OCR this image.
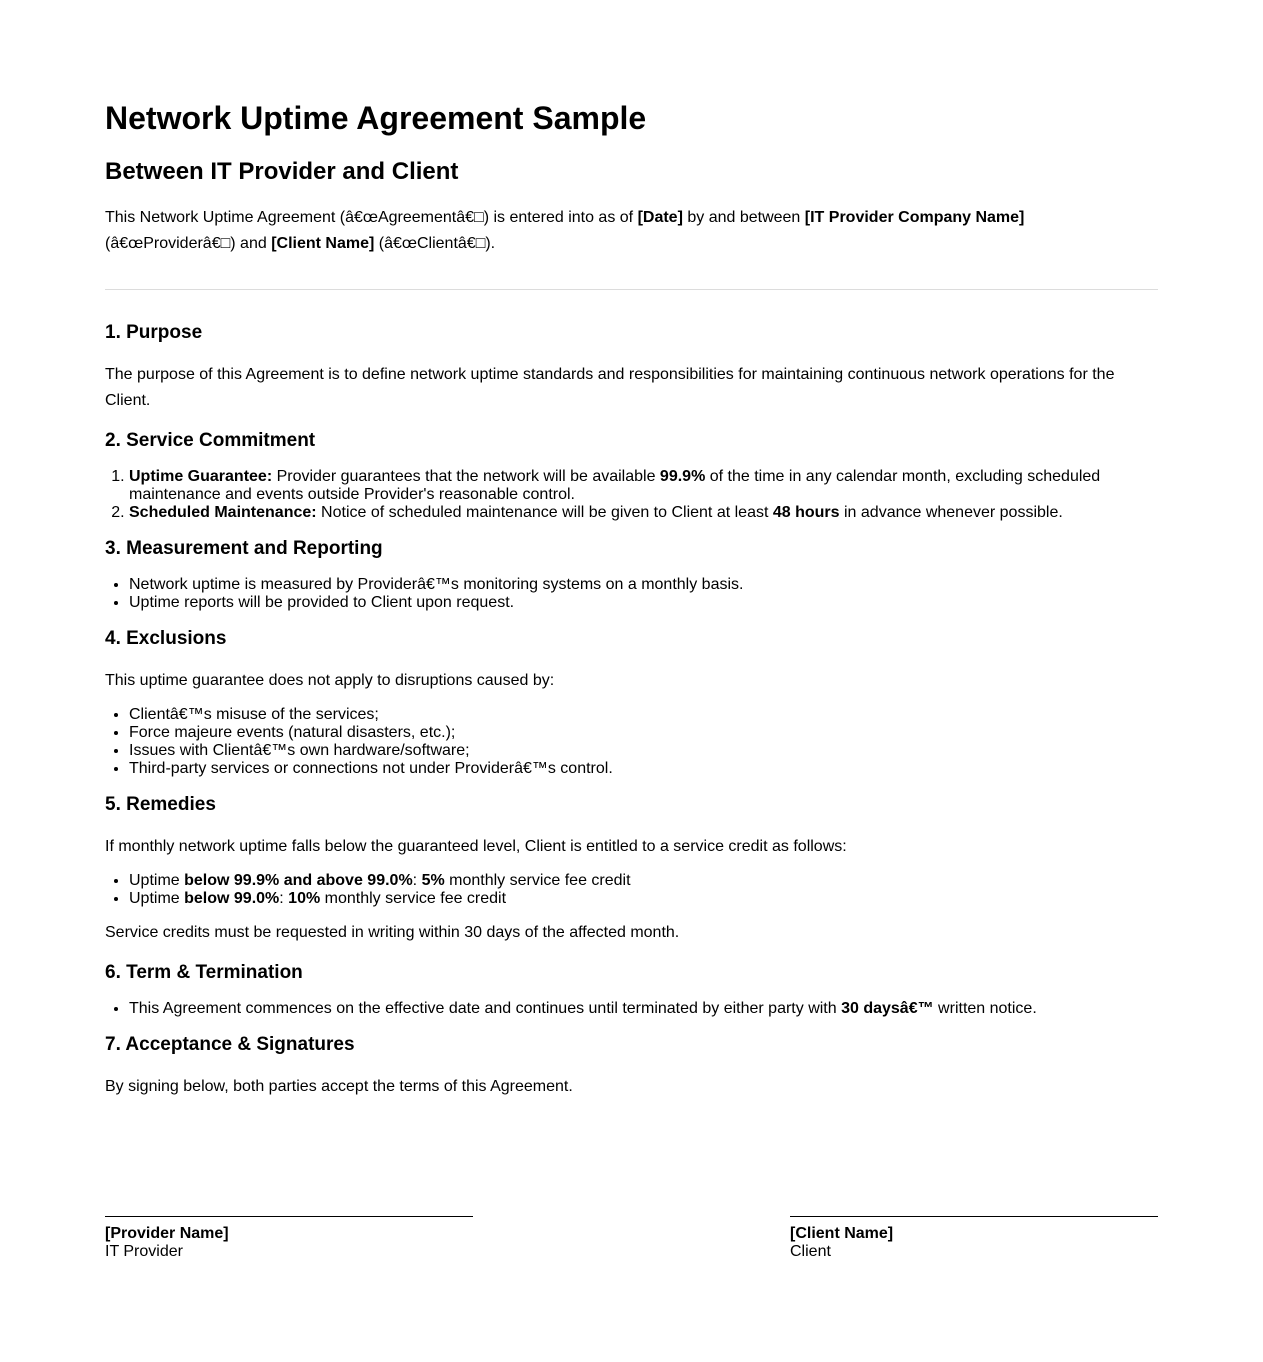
Network Uptime Agreement Sample
Between IT Provider and Client

This Network Uptime Agreement (â€œAgreementâ€□) is entered into as of [Date] by and between [IT Provider Company Name]
(â€œProviderâ€□) and [Client Name] (â€œClientâ€□).

1. Purpose

The purpose of this Agreement is to define network uptime standards and responsibilities for maintaining continuous network operations for the Client.

2. Service Commitment
1. Uptime Guarantee: Provider guarantees that the network will be available 99.9% of the time in any calendar month, excluding scheduled maintenance and events outside Provider's reasonable control.
2. Scheduled Maintenance: Notice of scheduled maintenance will be given to Client at least 48 hours in advance whenever possible.
3. Measurement and Reporting
• Network uptime is measured by Providerâ€™s monitoring systems on a monthly basis.
• Uptime reports will be provided to Client upon request.
4. Exclusions

This uptime guarantee does not apply to disruptions caused by:

• Clientâ€™s misuse of the services;
• Force majeure events (natural disasters, etc.);
• Issues with Clientâ€™s own hardware/software;
• Third-party services or connections not under Providerâ€™s control.
5. Remedies

If monthly network uptime falls below the guaranteed level, Client is entitled to a service credit as follows:

• Uptime below 99.9% and above 99.0%: 5% monthly service fee credit
• Uptime below 99.0%: 10% monthly service fee credit

Service credits must be requested in writing within 30 days of the affected month.

6. Term & Termination
• This Agreement commences on the effective date and continues until terminated by either party with 30 daysâ€™ written notice.
7. Acceptance & Signatures

By signing below, both parties accept the terms of this Agreement.

[Provider Name]
IT Provider
[Client Name]
Client
